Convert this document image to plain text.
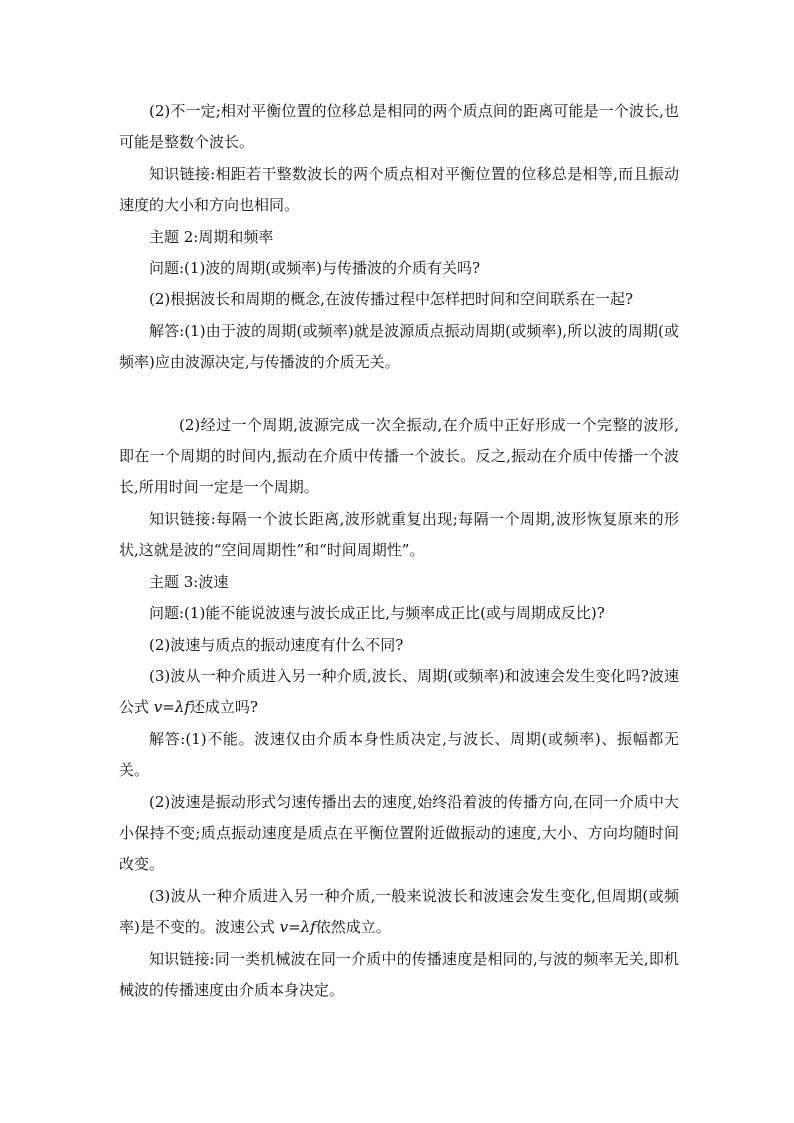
(2)不一定;相对平衡位置的位移总是相同的两个质点间的距离可能是一个波长,也可能是整数个波长。

知识链接:相距若干整数波长的两个质点相对平衡位置的位移总是相等,而且振动速度的大小和方向也相同。

主题 2:周期和频率

问题:(1)波的周期(或频率)与传播波的介质有关吗?

(2)根据波长和周期的概念,在波传播过程中怎样把时间和空间联系在一起?

解答:(1)由于波的周期(或频率)就是波源质点振动周期(或频率),所以波的周期(或频率)应由波源决定,与传播波的介质无关。

(2)经过一个周期,波源完成一次全振动,在介质中正好形成一个完整的波形,即在一个周期的时间内,振动在介质中传播一个波长。反之,振动在介质中传播一个波长,所用时间一定是一个周期。

知识链接:每隔一个波长距离,波形就重复出现;每隔一个周期,波形恢复原来的形状,这就是波的“空间周期性”和“时间周期性”。

主题 3:波速

问题:(1)能不能说波速与波长成正比,与频率成正比(或与周期成反比)?

(2)波速与质点的振动速度有什么不同?

(3)波从一种介质进入另一种介质,波长、周期(或频率)和波速会发生变化吗?波速公式 v=λf还成立吗?

解答:(1)不能。波速仅由介质本身性质决定,与波长、周期(或频率)、振幅都无关。

(2)波速是振动形式匀速传播出去的速度,始终沿着波的传播方向,在同一介质中大小保持不变;质点振动速度是质点在平衡位置附近做振动的速度,大小、方向均随时间改变。

(3)波从一种介质进入另一种介质,一般来说波长和波速会发生变化,但周期(或频率)是不变的。波速公式 v=λf依然成立。

知识链接:同一类机械波在同一介质中的传播速度是相同的,与波的频率无关,即机械波的传播速度由介质本身决定。
